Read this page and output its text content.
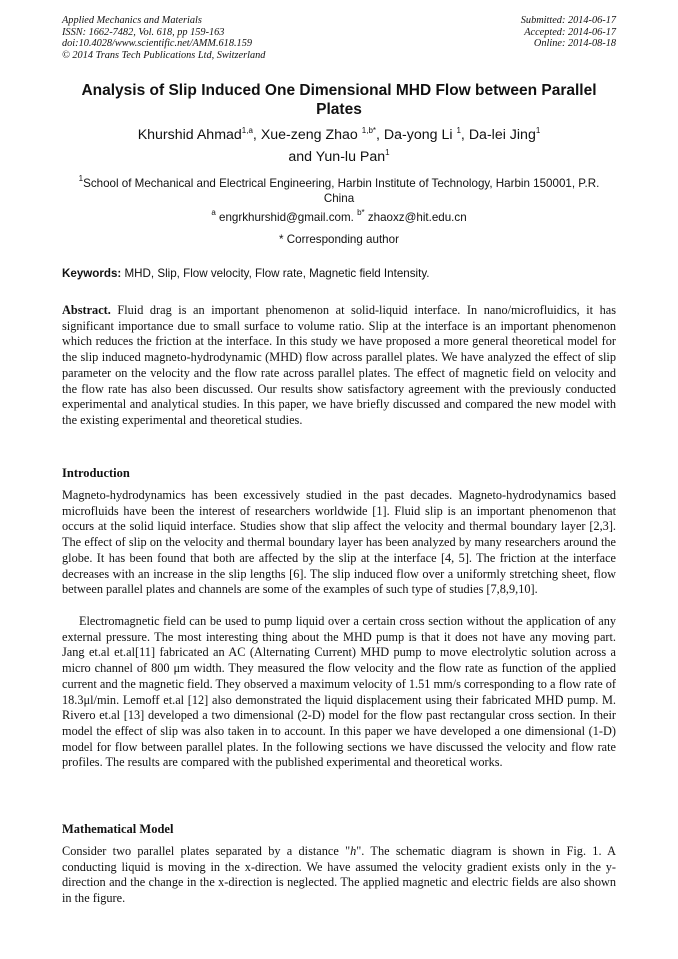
Applied Mechanics and Materials
ISSN: 1662-7482, Vol. 618, pp 159-163
doi:10.4028/www.scientific.net/AMM.618.159
© 2014 Trans Tech Publications Ltd, Switzerland
Submitted: 2014-06-17
Accepted: 2014-06-17
Online: 2014-08-18
Analysis of Slip Induced One Dimensional MHD Flow between Parallel Plates
Khurshid Ahmad$^{1,a}$, Xue-zeng Zhao $^{1,b*}$, Da-yong Li $^1$, Da-lei Jing$^1$
and Yun-lu Pan$^1$
$^1$School of Mechanical and Electrical Engineering, Harbin Institute of Technology, Harbin 150001, P.R. China
$^a$ engrkhurshid@gmail.com. $^{b*}$ zhaoxz@hit.edu.cn
* Corresponding author
Keywords: MHD, Slip, Flow velocity, Flow rate, Magnetic field Intensity.
Abstract. Fluid drag is an important phenomenon at solid-liquid interface. In nano/microfluidics, it has significant importance due to small surface to volume ratio. Slip at the interface is an important phenomenon which reduces the friction at the interface. In this study we have proposed a more general theoretical model for the slip induced magneto-hydrodynamic (MHD) flow across parallel plates. We have analyzed the effect of slip parameter on the velocity and the flow rate across parallel plates. The effect of magnetic field on velocity and the flow rate has also been discussed. Our results show satisfactory agreement with the previously conducted experimental and analytical studies. In this paper, we have briefly discussed and compared the new model with the existing experimental and theoretical studies.
Introduction
Magneto-hydrodynamics has been excessively studied in the past decades. Magneto-hydrodynamics based microfluids have been the interest of researchers worldwide [1]. Fluid slip is an important phenomenon that occurs at the solid liquid interface. Studies show that slip affect the velocity and thermal boundary layer [2,3]. The effect of slip on the velocity and thermal boundary layer has been analyzed by many researchers around the globe. It has been found that both are affected by the slip at the interface [4, 5]. The friction at the interface decreases with an increase in the slip lengths [6]. The slip induced flow over a uniformly stretching sheet, flow between parallel plates and channels are some of the examples of such type of studies [7,8,9,10].
Electromagnetic field can be used to pump liquid over a certain cross section without the application of any external pressure. The most interesting thing about the MHD pump is that it does not have any moving part. Jang et.al et.al[11] fabricated an AC (Alternating Current) MHD pump to move electrolytic solution across a micro channel of 800 μm width. They measured the flow velocity and the flow rate as function of the applied current and the magnetic field. They observed a maximum velocity of 1.51 mm/s corresponding to a flow rate of 18.3μl/min. Lemoff et.al [12] also demonstrated the liquid displacement using their fabricated MHD pump. M. Rivero et.al [13] developed a two dimensional (2-D) model for the flow past rectangular cross section. In their model the effect of slip was also taken in to account. In this paper we have developed a one dimensional (1-D) model for flow between parallel plates. In the following sections we have discussed the velocity and flow rate profiles. The results are compared with the published experimental and theoretical works.
Mathematical Model
Consider two parallel plates separated by a distance "h". The schematic diagram is shown in Fig. 1. A conducting liquid is moving in the x-direction. We have assumed the velocity gradient exists only in the y-direction and the change in the x-direction is neglected. The applied magnetic and electric fields are also shown in the figure.
